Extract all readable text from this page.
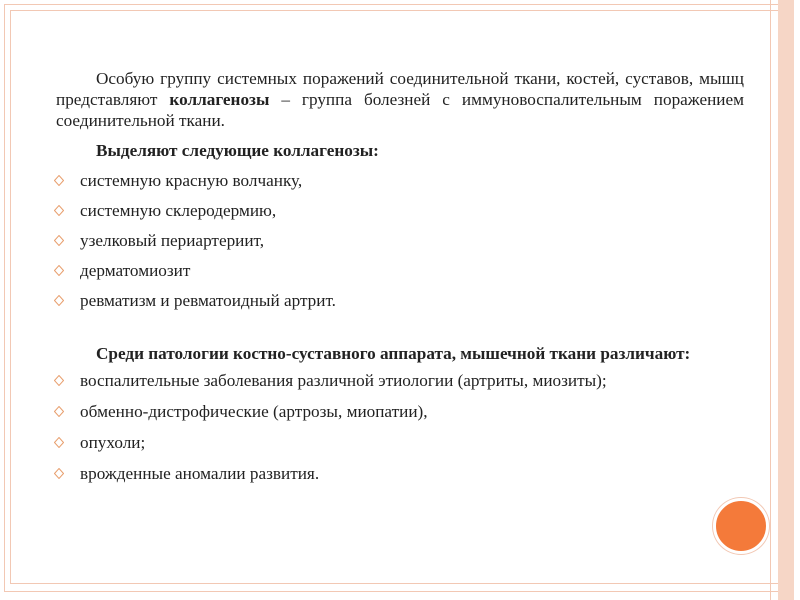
Особую группу системных поражений соединительной ткани, костей, суставов, мышц представляют коллагенозы – группа болезней с иммуновоспалительным поражением соединительной ткани.

Выделяют следующие коллагенозы:

системную красную волчанку,
системную склеродермию,
узелковый периартериит,
дерматомиозит
ревматизм и ревматоидный артрит.

Среди патологии костно-суставного аппарата, мышечной ткани различают:

воспалительные заболевания различной этиологии (артриты, миозиты);
обменно-дистрофические (артрозы, миопатии),
опухоли;
врожденные аномалии развития.
